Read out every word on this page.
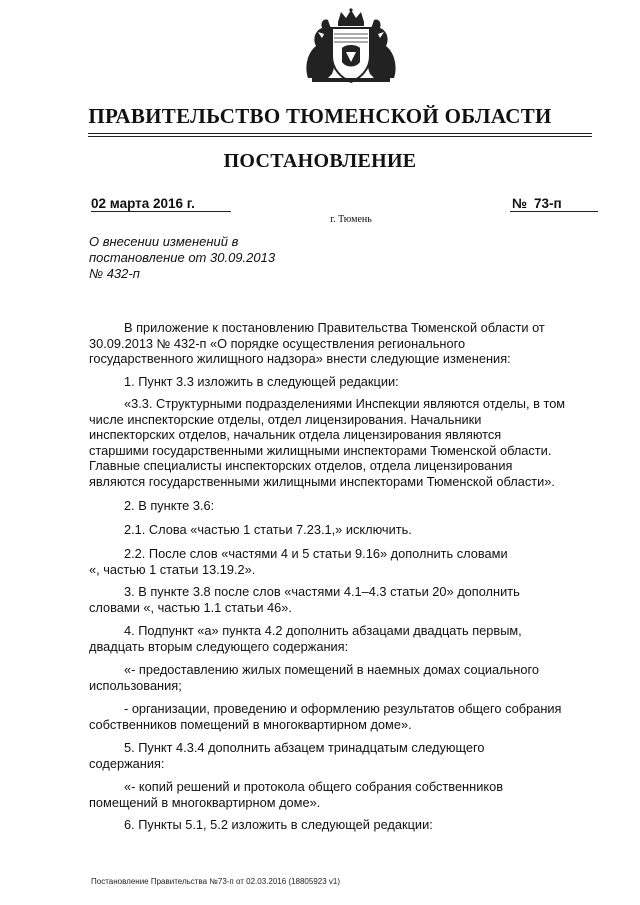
ПРАВИТЕЛЬСТВО ТЮМЕНСКОЙ ОБЛАСТИ
ПОСТАНОВЛЕНИЕ
02 марта 2016 г.	№ 73-п
г. Тюмень
О внесении изменений в
постановление от 30.09.2013
№ 432-п
В приложение к постановлению Правительства Тюменской области от
30.09.2013 № 432-п «О порядке осуществления регионального
государственного жилищного надзора» внести следующие изменения:
1. Пункт 3.3 изложить в следующей редакции:
«3.3. Структурными подразделениями Инспекции являются отделы, в том
числе инспекторские отделы, отдел лицензирования. Начальники
инспекторских отделов, начальник отдела лицензирования являются
старшими государственными жилищными инспекторами Тюменской области.
Главные специалисты инспекторских отделов, отдела лицензирования
являются государственными жилищными инспекторами Тюменской области».
2. В пункте 3.6:
2.1. Слова «частью 1 статьи 7.23.1,» исключить.
2.2. После слов «частями 4 и 5 статьи 9.16» дополнить словами
«, частью 1 статьи 13.19.2».
3. В пункте 3.8 после слов «частями 4.1–4.3 статьи 20» дополнить
словами «, частью 1.1 статьи 46».
4. Подпункт «а» пункта 4.2 дополнить абзацами двадцать первым,
двадцать вторым следующего содержания:
«- предоставлению жилых помещений в наемных домах социального
использования;
- организации, проведению и оформлению результатов общего собрания
собственников помещений в многоквартирном доме».
5. Пункт 4.3.4 дополнить абзацем тринадцатым следующего
содержания:
«- копий решений и протокола общего собрания собственников
помещений в многоквартирном доме».
6. Пункты 5.1, 5.2 изложить в следующей редакции:
Постановление Правительства №73-п от 02.03.2016 (18805923 v1)
